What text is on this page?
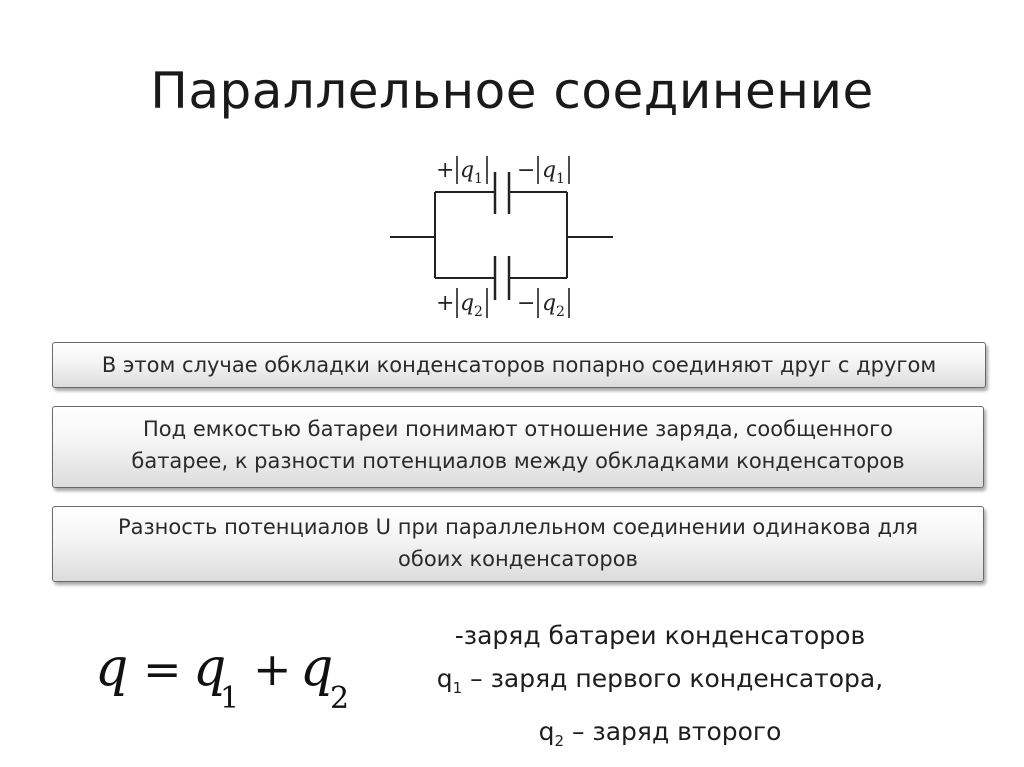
Параллельное соединение
+ q 1 − q 1
+ q 2 − q 2
В этом случае обкладки конденсаторов попарно соединяют друг с другом
Под емкостью батареи понимают отношение заряда, сообщенного
батарее, к разности потенциалов между обкладками конденсаторов
Разность потенциалов U при параллельном соединении одинакова для
обоих конденсаторов
q = q
1
+ q
2
-заряд батареи конденсаторов
$q_1$ – заряд первого конденсатора,
$q_2$ – заряд второго
